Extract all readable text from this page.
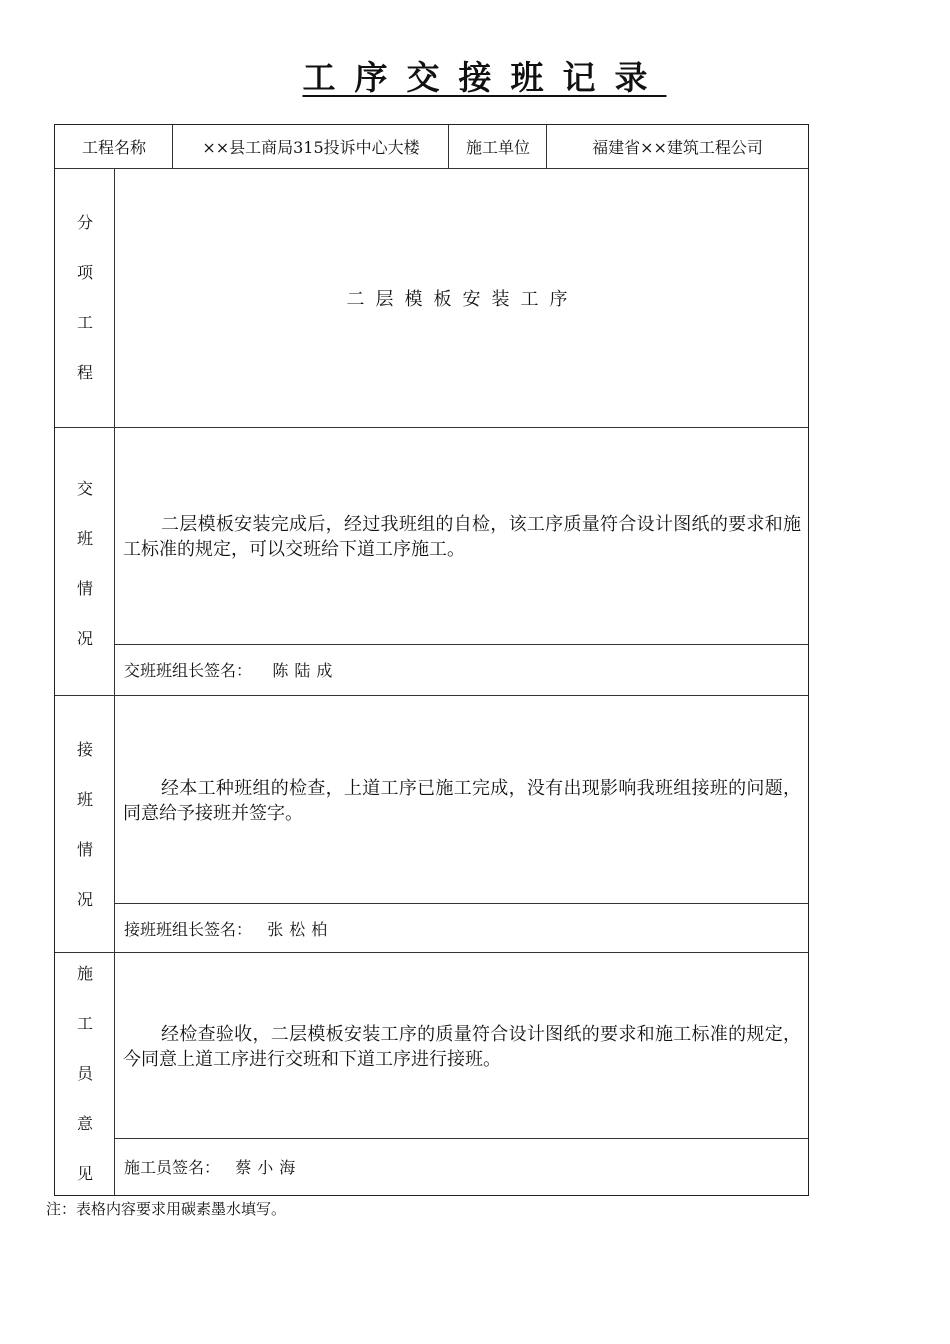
工序交接班记录
工程名称	××县工商局315投诉中心大楼	施工单位	福建省××建筑工程公司
分
项
工
程
二层模板安装工序
交
班
情
况
二层模板安装完成后，经过我班组的自检，该工序质量符合设计图纸的要求和施工标准的规定，可以交班给下道工序施工。
交班班组长签名： 陈陆成
接
班
情
况
经本工种班组的检查，上道工序已施工完成，没有出现影响我班组接班的问题，同意给予接班并签字。
接班班组长签名： 张松柏
施
工
员
意
见
经检查验收，二层模板安装工序的质量符合设计图纸的要求和施工标准的规定，今同意上道工序进行交班和下道工序进行接班。
施工员签名： 蔡小海
注：表格内容要求用碳素墨水填写。
